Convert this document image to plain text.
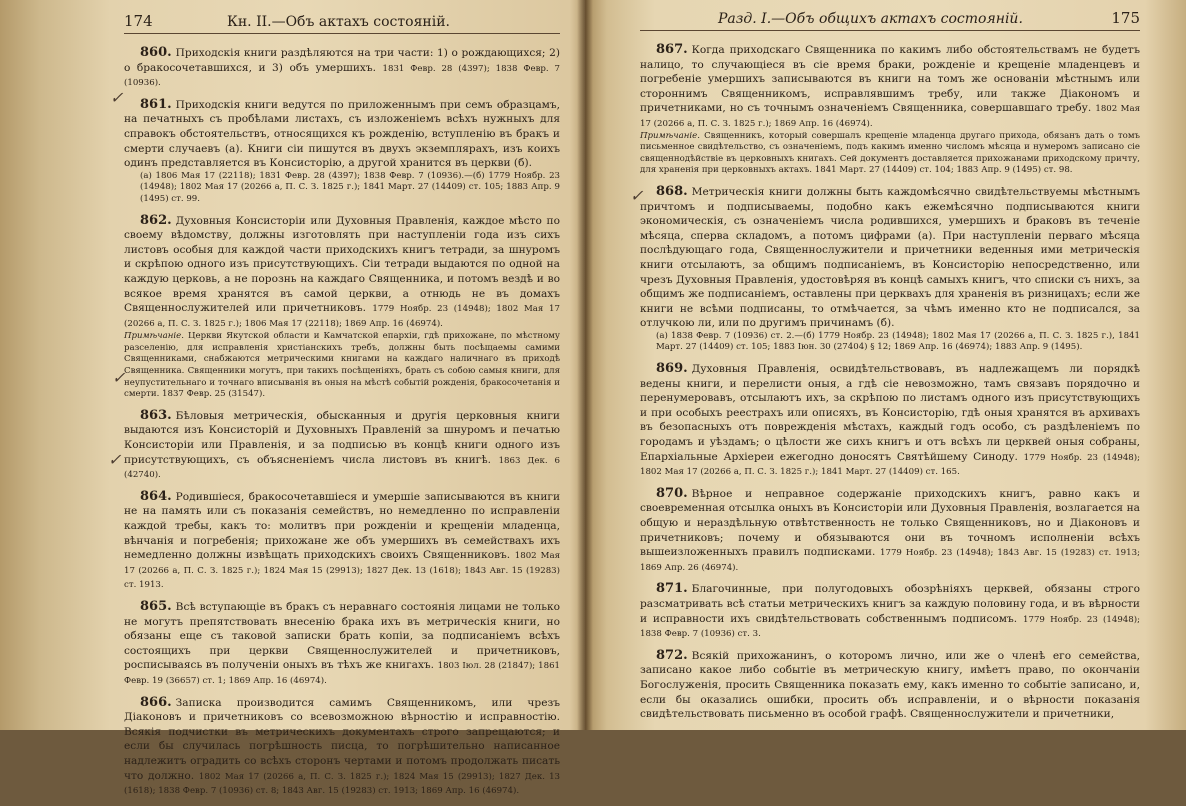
174	Кн. II.—Объ актахъ состояній.

860. Приходскія книги раздѣляются на три части: 1) о рождающихся; 2) о бракосочетавшихся, и 3) объ умершихъ. 1831 Февр. 28 (4397); 1838 Февр. 7 (10936).

861. Приходскія книги ведутся по приложеннымъ при семъ образцамъ, на печатныхъ съ пробѣлами листахъ, съ изложеніемъ всѣхъ нужныхъ для справокъ обстоятельствъ, относящихся къ рожденію, вступленію въ бракъ и смерти случаевъ (а). Книги сіи пишутся въ двухъ экземплярахъ, изъ коихъ одинъ представляется въ Консисторію, а другой хранится въ церкви (б).
(а) 1806 Мая 17 (22118); 1831 Февр. 28 (4397); 1838 Февр. 7 (10936).—(б) 1779 Ноябр. 23 (14948); 1802 Мая 17 (20266 а, П. С. З. 1825 г.); 1841 Март. 27 (14409) ст. 105; 1883 Апр. 9 (1495) ст. 99.

862. Духовныя Консисторіи или Духовныя Правленія, каждое мѣсто по своему вѣдомству, должны изготовлять при наступленіи года изъ сихъ листовъ особыя для каждой части приходскихъ книгъ тетради, за шнуромъ и скрѣпою одного изъ присутствующихъ. Сіи тетради выдаются по одной на каждую церковь, а не порознь на каждаго Священника, и потомъ вездѣ и во всякое время хранятся въ самой церкви, а отнюдь не въ домахъ Священнослужителей или причетниковъ. 1779 Ноябр. 23 (14948); 1802 Мая 17 (20266 а, П. С. З. 1825 г.); 1806 Мая 17 (22118); 1869 Апр. 16 (46974).
Примѣчаніе. Церкви Якутской области и Камчатской епархіи, гдѣ прихожане, по мѣстному разселенію, для исправленія христіанскихъ требъ, должны быть посѣщаемы самими Священниками, снабжаются метрическими книгами на каждаго наличнаго въ приходѣ Священника. Священники могутъ, при такихъ посѣщеніяхъ, брать съ собою самыя книги, для неупустительнаго и точнаго вписыванія въ оныя на мѣстѣ событій рожденія, бракосочетанія и смерти. 1837 Февр. 25 (31547).

863. Бѣловыя метрическія, обысканныя и другія церковныя книги выдаются изъ Консисторій и Духовныхъ Правленій за шнуромъ и печатью Консисторіи или Правленія, и за подписью въ концѣ книги одного изъ присутствующихъ, съ объясненіемъ числа листовъ въ книгѣ. 1863 Дек. 6 (42740).

864. Родившіеся, бракосочетавшіеся и умершіе записываются въ книги не на память или съ показанія семействъ, но немедленно по исправленіи каждой требы, какъ то: молитвъ при рожденіи и крещеніи младенца, вѣнчанія и погребенія; прихожане же объ умершихъ въ семействахъ ихъ немедленно должны извѣщать приходскихъ своихъ Священниковъ. 1802 Мая 17 (20266 а, П. С. З. 1825 г.); 1824 Мая 15 (29913); 1827 Дек. 13 (1618); 1843 Авг. 15 (19283) ст. 1913.

865. Всѣ вступающіе въ бракъ съ неравнаго состоянія лицами не только не могутъ препятствовать внесенію брака ихъ въ метрическія книги, но обязаны еще съ таковой записки брать копіи, за подписаніемъ всѣхъ состоящихъ при церкви Священнослужителей и причетниковъ, росписываясь въ полученіи оныхъ въ тѣхъ же книгахъ. 1803 Іюл. 28 (21847); 1861 Февр. 19 (36657) ст. 1; 1869 Апр. 16 (46974).

866. Записка производится самимъ Священникомъ, или чрезъ Діаконовъ и причетниковъ со всевозможною вѣрностію и исправностію. Всякія подчистки въ метрическихъ документахъ строго запрещаются; и если бы случилась погрѣшность писца, то погрѣшительно написанное надлежитъ оградить со всѣхъ сторонъ чертами и потомъ продолжать писать что должно. 1802 Мая 17 (20266 а, П. С. З. 1825 г.); 1824 Мая 15 (29913); 1827 Дек. 13 (1618); 1838 Февр. 7 (10936) ст. 8; 1843 Авг. 15 (19283) ст. 1913; 1869 Апр. 16 (46974).

✓
✓
✓
✓
Разд. I.—Объ общихъ актахъ состояній.	175

867. Когда приходскаго Священника по какимъ либо обстоятельствамъ не будетъ налицо, то случающіеся въ сіе время браки, рожденіе и крещеніе младенцевъ и погребеніе умершихъ записываются въ книги на томъ же основаніи мѣстнымъ или стороннимъ Священникомъ, исправлявшимъ требу, или также Діакономъ и причетниками, но съ точнымъ означеніемъ Священника, совершавшаго требу. 1802 Мая 17 (20266 а, П. С. З. 1825 г.); 1869 Апр. 16 (46974).
Примѣчаніе. Священникъ, который совершалъ крещеніе младенца другаго прихода, обязанъ дать о томъ письменное свидѣтельство, съ означеніемъ, подъ какимъ именно числомъ мѣсяца и нумеромъ записано сіе священнодѣйствіе въ церковныхъ книгахъ. Сей документъ доставляется прихожанами приходскому причту, для храненія при церковныхъ актахъ. 1841 Март. 27 (14409) ст. 104; 1883 Апр. 9 (1495) ст. 98.

868. Метрическія книги должны быть каждомѣсячно свидѣтельствуемы мѣстнымъ причтомъ и подписываемы, подобно какъ ежемѣсячно подписываются книги экономическія, съ означеніемъ числа родившихся, умершихъ и браковъ въ теченіе мѣсяца, сперва складомъ, а потомъ цифрами (а). При наступленіи перваго мѣсяца послѣдующаго года, Священнослужители и причетники веденныя ими метрическія книги отсылаютъ, за общимъ подписаніемъ, въ Консисторію непосредственно, или чрезъ Духовныя Правленія, удостовѣряя въ концѣ самыхъ книгъ, что списки съ нихъ, за общимъ же подписаніемъ, оставлены при церквахъ для храненія въ ризницахъ; если же книги не всѣми подписаны, то отмѣчается, за чѣмъ именно кто не подписался, за отлучкою ли, или по другимъ причинамъ (б).
(а) 1838 Февр. 7 (10936) ст. 2.—(б) 1779 Ноябр. 23 (14948); 1802 Мая 17 (20266 а, П. С. З. 1825 г.), 1841 Март. 27 (14409) ст. 105; 1883 Іюн. 30 (27404) § 12; 1869 Апр. 16 (46974); 1883 Апр. 9 (1495).

869. Духовныя Правленія, освидѣтельствовавъ, въ надлежащемъ ли порядкѣ ведены книги, и перелисти оныя, а гдѣ сіе невозможно, тамъ связавъ порядочно и перенумеровавъ, отсылаютъ ихъ, за скрѣпою по листамъ одного изъ присутствующихъ и при особыхъ реестрахъ или описяхъ, въ Консисторію, гдѣ оныя хранятся въ архивахъ въ безопасныхъ отъ поврежденія мѣстахъ, каждый годъ особо, съ раздѣленіемъ по городамъ и уѣздамъ; о цѣлости же сихъ книгъ и отъ всѣхъ ли церквей оныя собраны, Епархіальные Архіереи ежегодно доносятъ Святѣйшему Синоду. 1779 Ноябр. 23 (14948); 1802 Мая 17 (20266 а, П. С. З. 1825 г.); 1841 Март. 27 (14409) ст. 165.

870. Вѣрное и неправное содержаніе приходскихъ книгъ, равно какъ и своевременная отсылка оныхъ въ Консисторіи или Духовныя Правленія, возлагается на общую и нераздѣльную отвѣтственность не только Священниковъ, но и Діаконовъ и причетниковъ; почему и обязываются они въ точномъ исполненіи всѣхъ вышеизложенныхъ правилъ подписками. 1779 Ноябр. 23 (14948); 1843 Авг. 15 (19283) ст. 1913; 1869 Апр. 26 (46974).

871. Благочинные, при полугодовыхъ обозрѣніяхъ церквей, обязаны строго разсматривать всѣ статьи метрическихъ книгъ за каждую половину года, и въ вѣрности и исправности ихъ свидѣтельствовать собственнымъ подписомъ. 1779 Ноябр. 23 (14948); 1838 Февр. 7 (10936) ст. 3.

872. Всякій прихожанинъ, о которомъ лично, или же о членѣ его семейства, записано какое либо событіе въ метрическую книгу, имѣетъ право, по окончаніи Богослуженія, просить Священника показать ему, какъ именно то событіе записано, и, если бы оказались ошибки, просить объ исправленіи, и о вѣрности показанія свидѣтельствовать письменно въ особой графѣ. Священнослужители и причетники,
